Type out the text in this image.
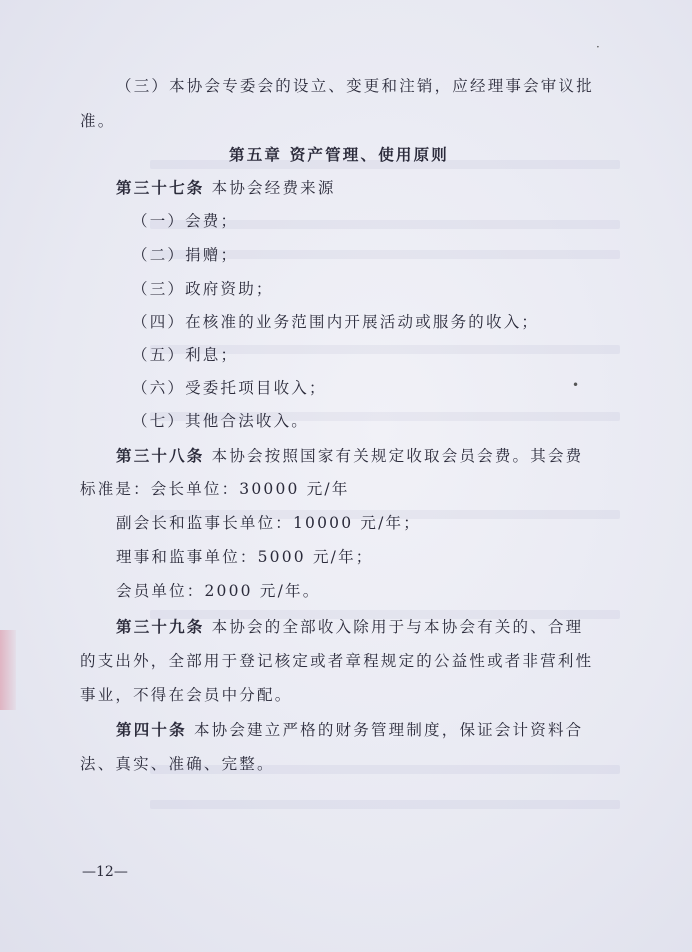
·
•
（三）本协会专委会的设立、变更和注销，应经理事会审议批
准。
第五章 资产管理、使用原则
第三十七条 本协会经费来源
（一）会费；
（二）捐赠；
（三）政府资助；
（四）在核准的业务范围内开展活动或服务的收入；
（五）利息；
（六）受委托项目收入；
（七）其他合法收入。
第三十八条 本协会按照国家有关规定收取会员会费。其会费
标准是：会长单位：30000 元/年
副会长和监事长单位：10000 元/年；
理事和监事单位：5000 元/年；
会员单位：2000 元/年。
第三十九条 本协会的全部收入除用于与本协会有关的、合理
的支出外，全部用于登记核定或者章程规定的公益性或者非营利性
事业，不得在会员中分配。
第四十条 本协会建立严格的财务管理制度，保证会计资料合
法、真实、准确、完整。
—12—
